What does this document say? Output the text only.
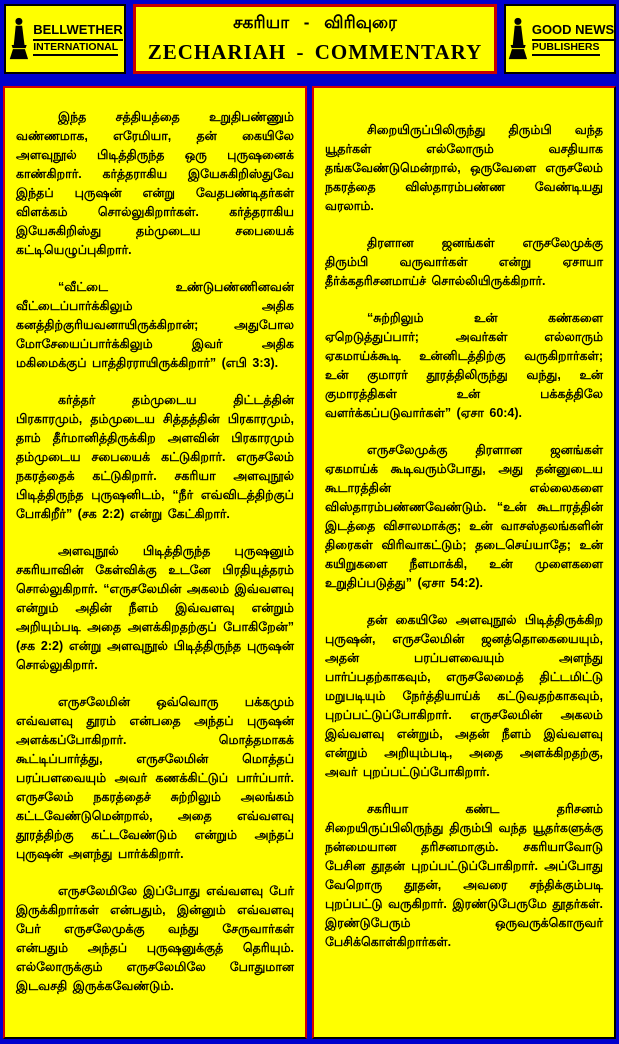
BELLWETHER
INTERNATIONAL
சகரியா - விரிவுரை
ZECHARIAH - COMMENTARY
GOOD NEWS
PUBLISHERS

இந்த சத்தியத்தை உறுதிபண்ணும் வண்ணமாக, எரேமியா, தன் கையிலே அளவுநூல் பிடித்திருந்த ஒரு புருஷனைக் காண்கிறார். கர்த்தராகிய இயேசுகிறிஸ்துவே இந்தப் புருஷன் என்று வேதபண்டிதர்கள் விளக்கம் சொல்லுகிறார்கள். கர்த்தராகிய இயேசுகிறிஸ்து தம்முடைய சபையைக் கட்டியெழுப்புகிறார்.

“வீட்டை உண்டுபண்ணினவன் வீட்டைப்பார்க்கிலும் அதிக கனத்திற்குரியவனாயிருக்கிறான்; அதுபோல மோசேயைப்பார்க்கிலும் இவர் அதிக மகிமைக்குப் பாத்திரராயிருக்கிறார்” (எபி 3:3).

கர்த்தர் தம்முடைய திட்டத்தின் பிரகாரமும், தம்முடைய சித்தத்தின் பிரகாரமும், தாம் தீர்மானித்திருக்கிற அளவின் பிரகாரமும் தம்முடைய சபையைக் கட்டுகிறார். எருசலேம் நகரத்தைக் கட்டுகிறார். சகரியா அளவுநூல் பிடித்திருந்த புருஷனிடம், “நீர் எவ்விடத்திற்குப் போகிறீர்” (சக 2:2) என்று கேட்கிறார்.

அளவுநூல் பிடித்திருந்த புருஷனும் சகரியாவின் கேள்விக்கு உடனே பிரதியுத்தரம் சொல்லுகிறார். “எருசலேமின் அகலம் இவ்வளவு என்றும் அதின் நீளம் இவ்வளவு என்றும் அறியும்படி அதை அளக்கிறதற்குப் போகிறேன்” (சக 2:2) என்று அளவுநூல் பிடித்திருந்த புருஷன் சொல்லுகிறார்.

எருசலேமின் ஒவ்வொரு பக்கமும் எவ்வளவு தூரம் என்பதை அந்தப் புருஷன் அளக்கப்போகிறார். மொத்தமாகக் கூட்டிப்பார்த்து, எருசலேமின் மொத்தப் பரப்பளவையும் அவர் கணக்கிட்டுப் பார்ப்பார். எருசலேம் நகரத்தைச் சுற்றிலும் அலங்கம் கட்டவேண்டுமென்றால், அதை எவ்வளவு தூரத்திற்கு கட்டவேண்டும் என்றும் அந்தப் புருஷன் அளந்து பார்க்கிறார்.

எருசலேமிலே இப்போது எவ்வளவு பேர் இருக்கிறார்கள் என்பதும், இன்னும் எவ்வளவு பேர் எருசலேமுக்கு வந்து சேருவார்கள் என்பதும் அந்தப் புருஷனுக்குத் தெரியும். எல்லோருக்கும் எருசலேமிலே போதுமான இடவசதி இருக்கவேண்டும்.

சிறையிருப்பிலிருந்து திரும்பி வந்த யூதர்கள் எல்லோரும் வசதியாக தங்கவேண்டுமென்றால், ஒருவேளை எருசலேம் நகரத்தை விஸ்தாரம்பண்ண வேண்டியது வரலாம்.

திரளான ஜனங்கள் எருசலேமுக்கு திரும்பி வருவார்கள் என்று ஏசாயா தீர்க்கதரிசனமாய்ச் சொல்லியிருக்கிறார்.

“சுற்றிலும் உன் கண்களை ஏறெடுத்துப்பார்; அவர்கள் எல்லாரும் ஏகமாய்க்கூடி உன்னிடத்திற்கு வருகிறார்கள்; உன் குமாரர் தூரத்திலிருந்து வந்து, உன் குமாரத்திகள் உன் பக்கத்திலே வளர்க்கப்படுவார்கள்” (ஏசா 60:4).

எருசலேமுக்கு திரளான ஜனங்கள் ஏகமாய்க் கூடிவரும்போது, அது தன்னுடைய கூடாரத்தின் எல்லைகளை விஸ்தாரம்பண்ணவேண்டும். “உன் கூடாரத்தின் இடத்தை விசாலமாக்கு; உன் வாசஸ்தலங்களின் திரைகள் விரிவாகட்டும்; தடைசெய்யாதே; உன் கயிறுகளை நீளமாக்கி, உன் முளைகளை உறுதிப்படுத்து” (ஏசா 54:2).

தன் கையிலே அளவுநூல் பிடித்திருக்கிற புருஷன், எருசலேமின் ஜனத்தொகையையும், அதன் பரப்பளவையும் அளந்து பார்ப்பதற்காகவும், எருசலேமைத் திட்டமிட்டு மறுபடியும் நேர்த்தியாய்க் கட்டுவதற்காகவும், புறப்பட்டுப்போகிறார். எருசலேமின் அகலம் இவ்வளவு என்றும், அதன் நீளம் இவ்வளவு என்றும் அறியும்படி, அதை அளக்கிறதற்கு, அவர் புறப்பட்டுப்போகிறார்.

சகரியா கண்ட தரிசனம் சிறையிருப்பிலிருந்து திரும்பி வந்த யூதர்களுக்கு நன்மையான தரிசனமாகும். சகரியாவோடு பேசின தூதன் புறப்பட்டுப்போகிறார். அப்போது வேறொரு தூதன், அவரை சந்திக்கும்படி புறப்பட்டு வருகிறார். இரண்டுபேருமே தூதர்கள். இரண்டுபேரும் ஒருவருக்கொருவர் பேசிக்கொள்கிறார்கள்.
